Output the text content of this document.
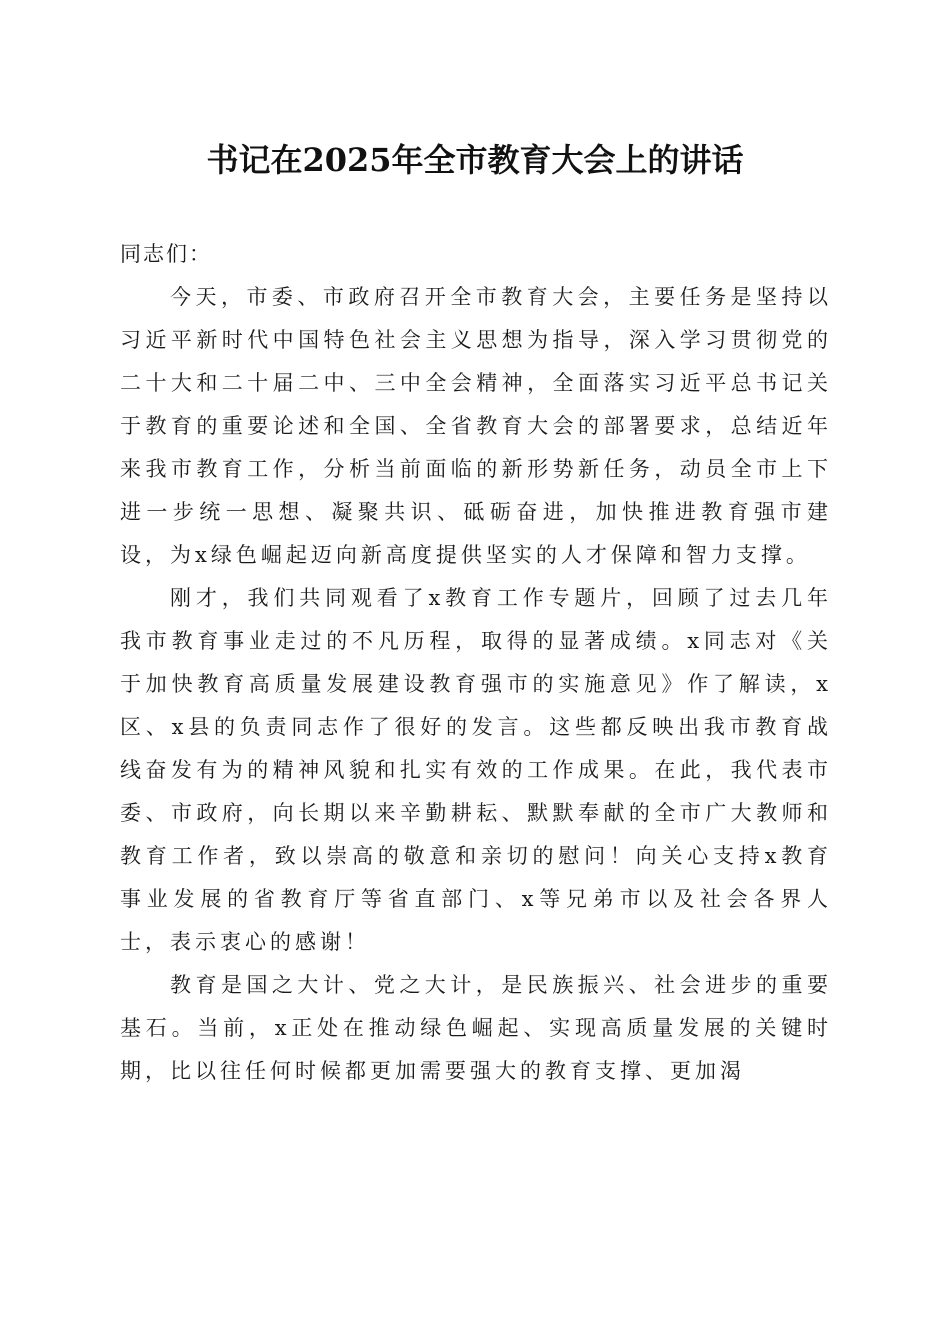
书记在2025年全市教育大会上的讲话

同志们：

今天，市委、市政府召开全市教育大会，主要任务是坚持以习近平新时代中国特色社会主义思想为指导，深入学习贯彻党的二十大和二十届二中、三中全会精神，全面落实习近平总书记关于教育的重要论述和全国、全省教育大会的部署要求，总结近年来我市教育工作，分析当前面临的新形势新任务，动员全市上下进一步统一思想、凝聚共识、砥砺奋进，加快推进教育强市建设，为x绿色崛起迈向新高度提供坚实的人才保障和智力支撑。

刚才，我们共同观看了x教育工作专题片，回顾了过去几年我市教育事业走过的不凡历程，取得的显著成绩。x同志对《关于加快教育高质量发展建设教育强市的实施意见》作了解读，x区、x县的负责同志作了很好的发言。这些都反映出我市教育战线奋发有为的精神风貌和扎实有效的工作成果。在此，我代表市委、市政府，向长期以来辛勤耕耘、默默奉献的全市广大教师和教育工作者，致以崇高的敬意和亲切的慰问！向关心支持x教育事业发展的省教育厅等省直部门、x等兄弟市以及社会各界人士，表示衷心的感谢！

教育是国之大计、党之大计，是民族振兴、社会进步的重要基石。当前，x正处在推动绿色崛起、实现高质量发展的关键时期，比以往任何时候都更加需要强大的教育支撑、更加渴
